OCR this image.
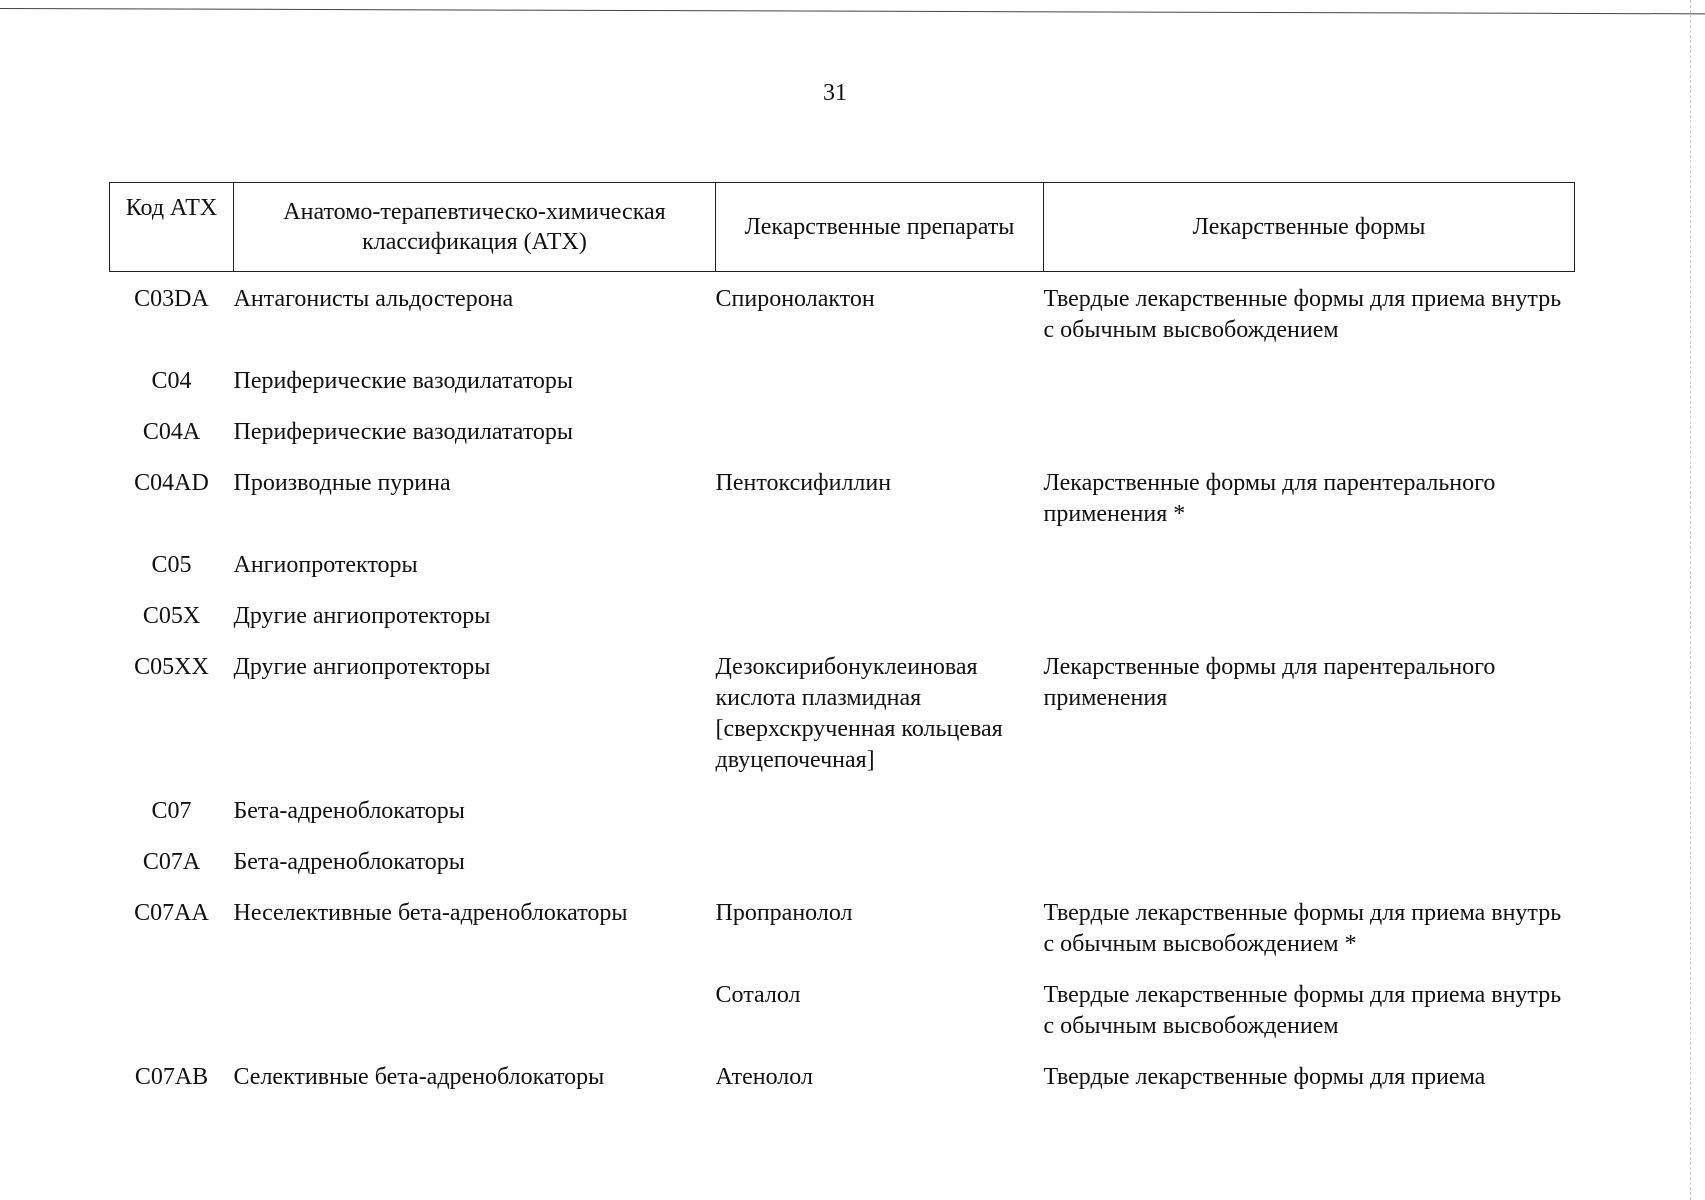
31
Код АТХ	Анатомо-терапевтическо-химическая классификация (АТХ)	Лекарственные препараты	Лекарственные формы
C03DA	Антагонисты альдостерона	Спиронолактон	Твердые лекарственные формы для приема внутрь с обычным высвобождением
C04	Периферические вазодилататоры		
C04A	Периферические вазодилататоры		
C04AD	Производные пурина	Пентоксифиллин	Лекарственные формы для парентерального применения *
C05	Ангиопротекторы		
C05X	Другие ангиопротекторы		
C05XX	Другие ангиопротекторы	Дезоксирибонуклеиновая кислота плазмидная [сверхскрученная кольцевая двуцепочечная]	Лекарственные формы для парентерального применения
C07	Бета-адреноблокаторы		
C07A	Бета-адреноблокаторы		
C07AA	Неселективные бета-адреноблокаторы	Пропранолол	Твердые лекарственные формы для приема внутрь с обычным высвобождением *
		Соталол	Твердые лекарственные формы для приема внутрь с обычным высвобождением
C07AB	Селективные бета-адреноблокаторы	Атенолол	Твердые лекарственные формы для приема
